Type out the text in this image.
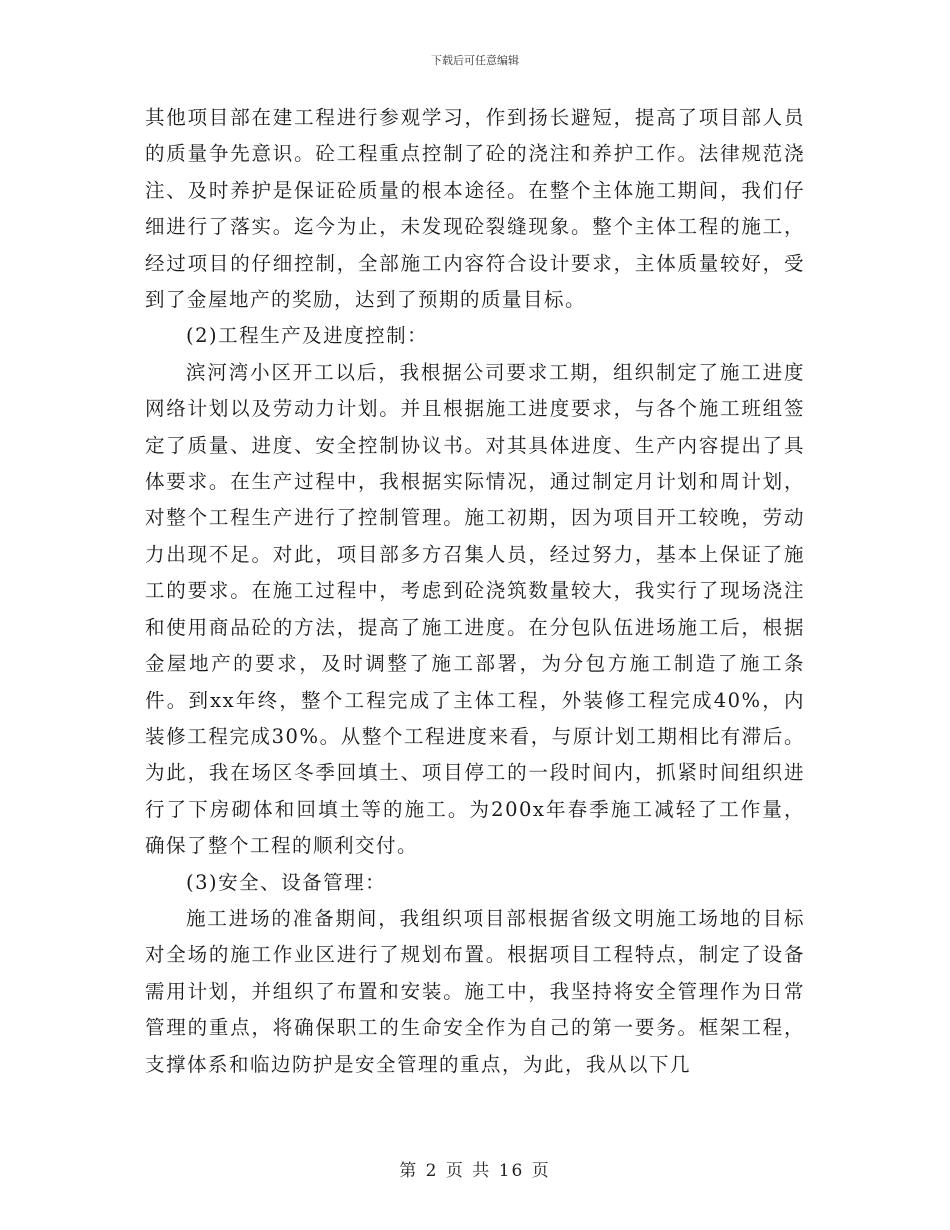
下载后可任意编辑

其他项目部在建工程进行参观学习，作到扬长避短，提高了项目部人员的质量争先意识。砼工程重点控制了砼的浇注和养护工作。法律规范浇注、及时养护是保证砼质量的根本途径。在整个主体施工期间，我们仔细进行了落实。迄今为止，未发现砼裂缝现象。整个主体工程的施工，经过项目的仔细控制，全部施工内容符合设计要求，主体质量较好，受到了金屋地产的奖励，达到了预期的质量目标。

(2)工程生产及进度控制：

滨河湾小区开工以后，我根据公司要求工期，组织制定了施工进度网络计划以及劳动力计划。并且根据施工进度要求，与各个施工班组签定了质量、进度、安全控制协议书。对其具体进度、生产内容提出了具体要求。在生产过程中，我根据实际情况，通过制定月计划和周计划，对整个工程生产进行了控制管理。施工初期，因为项目开工较晚，劳动力出现不足。对此，项目部多方召集人员，经过努力，基本上保证了施工的要求。在施工过程中，考虑到砼浇筑数量较大，我实行了现场浇注和使用商品砼的方法，提高了施工进度。在分包队伍进场施工后，根据金屋地产的要求，及时调整了施工部署，为分包方施工制造了施工条件。到xx年终，整个工程完成了主体工程，外装修工程完成40%，内装修工程完成30%。从整个工程进度来看，与原计划工期相比有滞后。为此，我在场区冬季回填土、项目停工的一段时间内，抓紧时间组织进行了下房砌体和回填土等的施工。为200x年春季施工减轻了工作量，确保了整个工程的顺利交付。

(3)安全、设备管理：

施工进场的准备期间，我组织项目部根据省级文明施工场地的目标对全场的施工作业区进行了规划布置。根据项目工程特点，制定了设备需用计划，并组织了布置和安装。施工中，我坚持将安全管理作为日常管理的重点，将确保职工的生命安全作为自己的第一要务。框架工程，支撑体系和临边防护是安全管理的重点，为此，我从以下几

第 2 页 共 16 页
